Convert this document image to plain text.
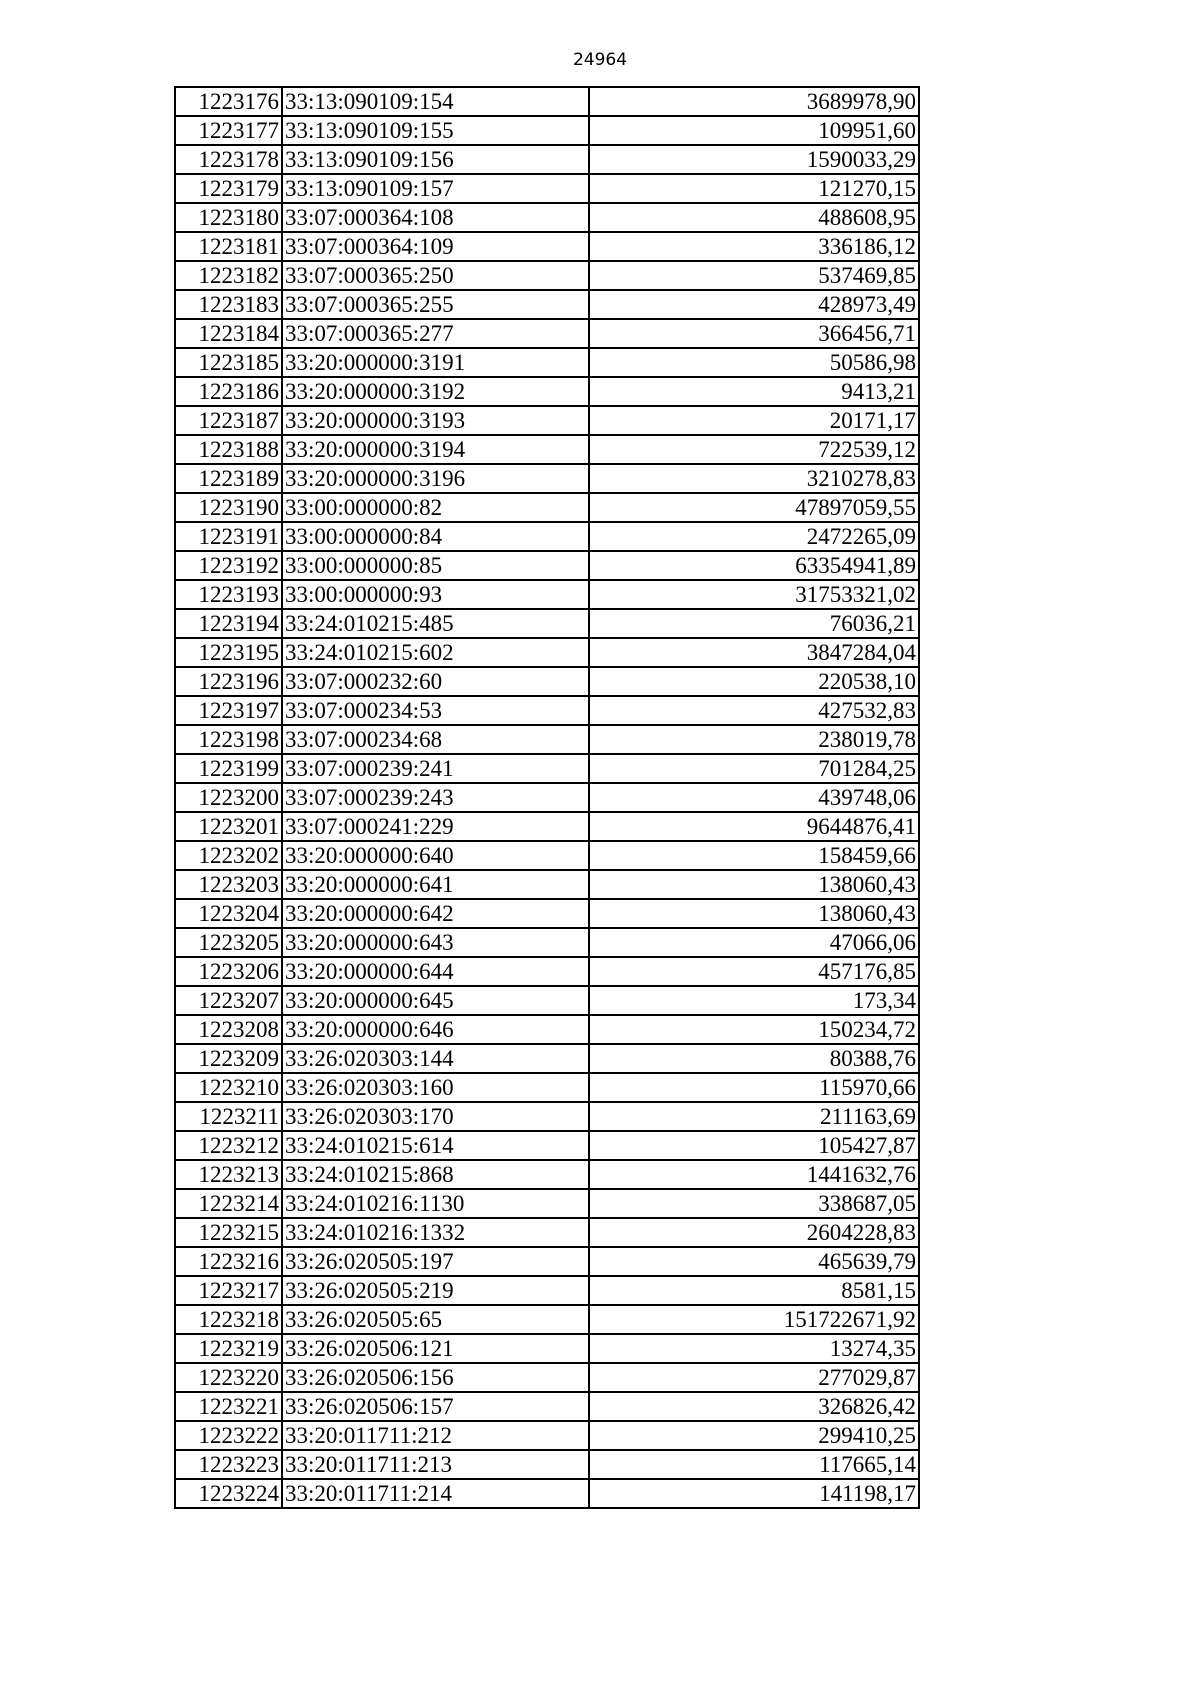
24964
1223176	33:13:090109:154	3689978,90
1223177	33:13:090109:155	109951,60
1223178	33:13:090109:156	1590033,29
1223179	33:13:090109:157	121270,15
1223180	33:07:000364:108	488608,95
1223181	33:07:000364:109	336186,12
1223182	33:07:000365:250	537469,85
1223183	33:07:000365:255	428973,49
1223184	33:07:000365:277	366456,71
1223185	33:20:000000:3191	50586,98
1223186	33:20:000000:3192	9413,21
1223187	33:20:000000:3193	20171,17
1223188	33:20:000000:3194	722539,12
1223189	33:20:000000:3196	3210278,83
1223190	33:00:000000:82	47897059,55
1223191	33:00:000000:84	2472265,09
1223192	33:00:000000:85	63354941,89
1223193	33:00:000000:93	31753321,02
1223194	33:24:010215:485	76036,21
1223195	33:24:010215:602	3847284,04
1223196	33:07:000232:60	220538,10
1223197	33:07:000234:53	427532,83
1223198	33:07:000234:68	238019,78
1223199	33:07:000239:241	701284,25
1223200	33:07:000239:243	439748,06
1223201	33:07:000241:229	9644876,41
1223202	33:20:000000:640	158459,66
1223203	33:20:000000:641	138060,43
1223204	33:20:000000:642	138060,43
1223205	33:20:000000:643	47066,06
1223206	33:20:000000:644	457176,85
1223207	33:20:000000:645	173,34
1223208	33:20:000000:646	150234,72
1223209	33:26:020303:144	80388,76
1223210	33:26:020303:160	115970,66
1223211	33:26:020303:170	211163,69
1223212	33:24:010215:614	105427,87
1223213	33:24:010215:868	1441632,76
1223214	33:24:010216:1130	338687,05
1223215	33:24:010216:1332	2604228,83
1223216	33:26:020505:197	465639,79
1223217	33:26:020505:219	8581,15
1223218	33:26:020505:65	151722671,92
1223219	33:26:020506:121	13274,35
1223220	33:26:020506:156	277029,87
1223221	33:26:020506:157	326826,42
1223222	33:20:011711:212	299410,25
1223223	33:20:011711:213	117665,14
1223224	33:20:011711:214	141198,17
